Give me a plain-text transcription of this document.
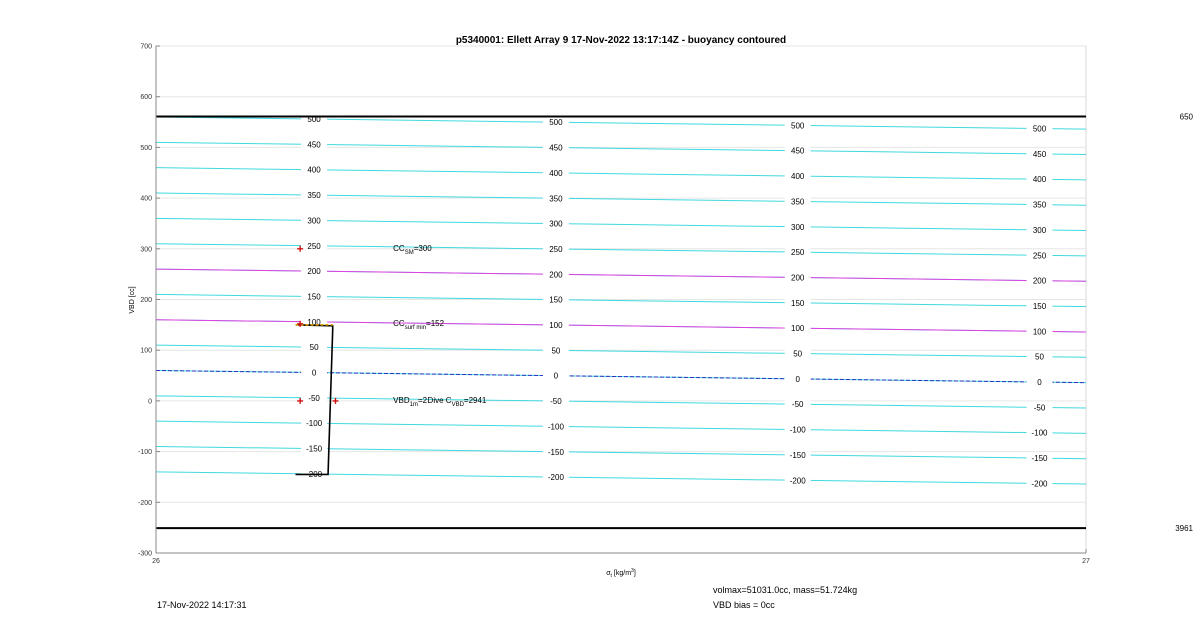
p5340001: Ellett Array 9 17-Nov-2022 13:17:14Z - buoyancy contoured
500	500	500	500
450	450	450	450
400	400	400	400
350	350	350	350
300	300	300	300
250	250	250	250
200	200	200	200
150	150	150	150
100	100	100	100
50	50	50	50
0	0	0	0
-50	-50	-50	-50
-100	-100	-100	-100
-150	-150	-150	-150
-200	-200	-200	-200
650
3961
$CC_{SM}=300$
$CC_{surf min}=152$
$VBD_{1m}=2$ Dive $C_{VBD}=2941$
700
600
500
400
300
200
100
0
-100
-200
-300
26	27
VBD [cc]
$\sigma_t$ $[kg/m^3]$
17-Nov-2022 14:17:31
volmax=51031.0cc, mass=51.724kg
VBD bias = 0cc
